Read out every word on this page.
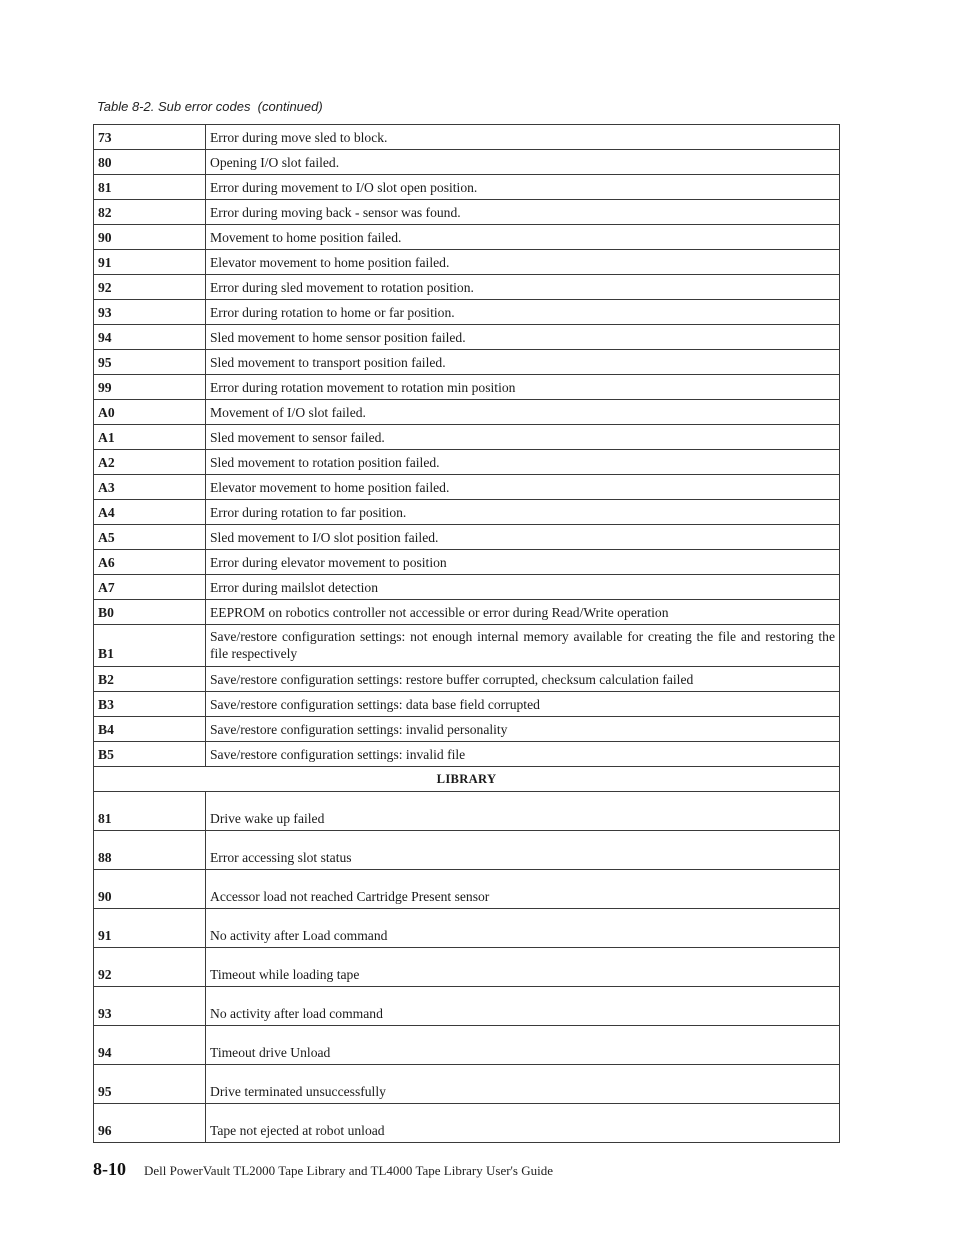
Table 8-2. Sub error codes  (continued)
73	Error during move sled to block.
80	Opening I/O slot failed.
81	Error during movement to I/O slot open position.
82	Error during moving back - sensor was found.
90	Movement to home position failed.
91	Elevator movement to home position failed.
92	Error during sled movement to rotation position.
93	Error during rotation to home or far position.
94	Sled movement to home sensor position failed.
95	Sled movement to transport position failed.
99	Error during rotation movement to rotation min position
A0	Movement of I/O slot failed.
A1	Sled movement to sensor failed.
A2	Sled movement to rotation position failed.
A3	Elevator movement to home position failed.
A4	Error during rotation to far position.
A5	Sled movement to I/O slot position failed.
A6	Error during elevator movement to position
A7	Error during mailslot detection
B0	EEPROM on robotics controller not accessible or error during Read/Write operation
B1	Save/restore configuration settings: not enough internal memory available for creating the file and restoring the file respectively
B2	Save/restore configuration settings: restore buffer corrupted, checksum calculation failed
B3	Save/restore configuration settings: data base field corrupted
B4	Save/restore configuration settings: invalid personality
B5	Save/restore configuration settings: invalid file
LIBRARY	
81	Drive wake up failed
88	Error accessing slot status
90	Accessor load not reached Cartridge Present sensor
91	No activity after Load command
92	Timeout while loading tape
93	No activity after load command
94	Timeout drive Unload
95	Drive terminated unsuccessfully
96	Tape not ejected at robot unload
8-10 Dell PowerVault TL2000 Tape Library and TL4000 Tape Library User's Guide
